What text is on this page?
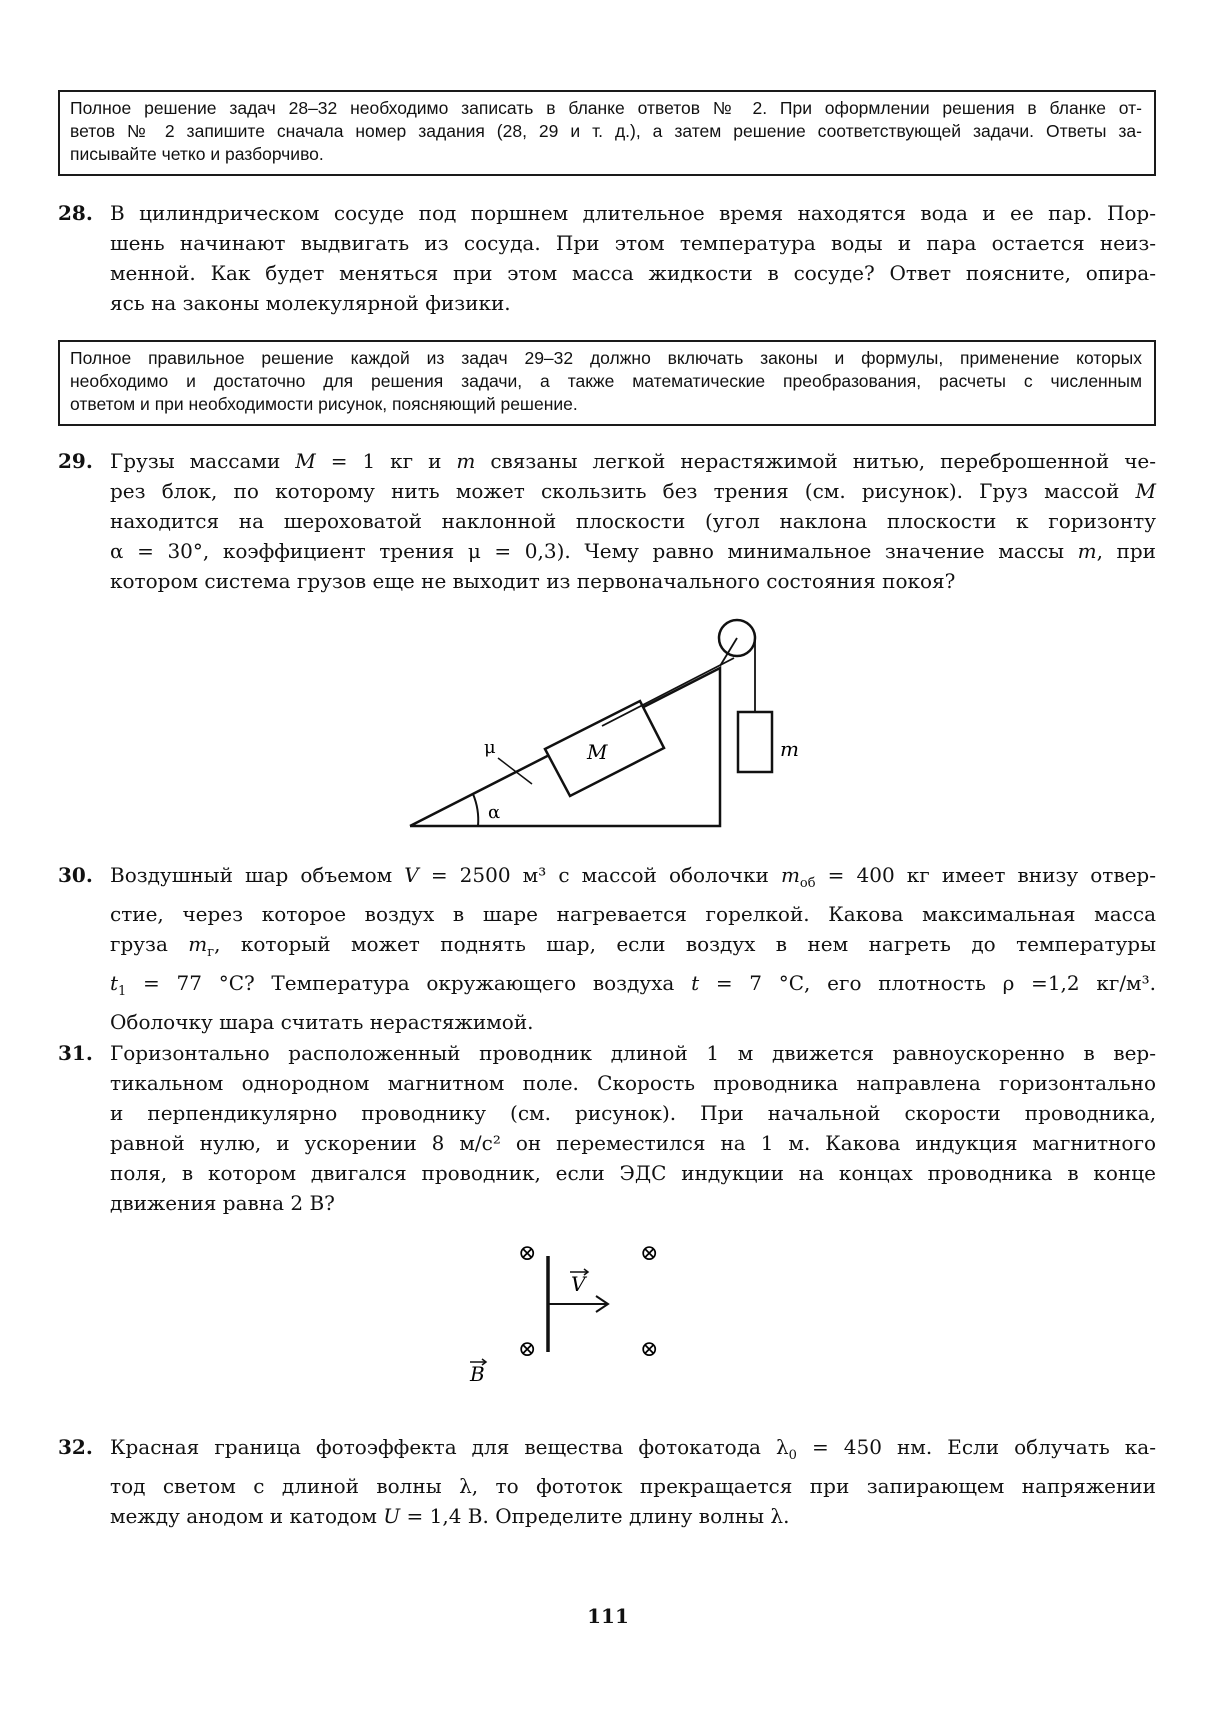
Полное решение задач 28–32 необходимо записать в бланке ответов № 2. При оформлении решения в бланке от-
ветов № 2 запишите сначала номер задания (28, 29 и т. д.), а затем решение соответствующей задачи. Ответы за-
писывайте четко и разборчиво.
28. В цилиндрическом сосуде под поршнем длительное время находятся вода и ее пар. Пор-
шень начинают выдвигать из сосуда. При этом температура воды и пара остается неиз-
менной. Как будет меняться при этом масса жидкости в сосуде? Ответ поясните, опира-
ясь на законы молекулярной физики.
Полное правильное решение каждой из задач 29–32 должно включать законы и формулы, применение которых
необходимо и достаточно для решения задачи, а также математические преобразования, расчеты с численным
ответом и при необходимости рисунок, поясняющий решение.
29. Грузы массами M = 1 кг и m связаны легкой нерастяжимой нитью, переброшенной че-
рез блок, по которому нить может скользить без трения (см. рисунок). Груз массой M
находится на шероховатой наклонной плоскости (угол наклона плоскости к горизонту
α = 30°, коэффициент трения μ = 0,3). Чему равно минимальное значение массы m, при
котором система грузов еще не выходит из первоначального состояния покоя?
M	m
μ
α
30. Воздушный шар объемом V = 2500 м³ с массой оболочки $m_{об} = 400$ кг имеет внизу отвер-
стие, через которое воздух в шаре нагревается горелкой. Какова максимальная масса
груза $m_г$, который может поднять шар, если воздух в нем нагреть до температуры
$t_1 = 77$ °С? Температура окружающего воздуха t = 7 °С, его плотность ρ =1,2 кг/м³.
Оболочку шара считать нерастяжимой.
31. Горизонтально расположенный проводник длиной 1 м движется равноускоренно в вер-
тикальном однородном магнитном поле. Скорость проводника направлена горизонтально
и перпендикулярно проводнику (см. рисунок). При начальной скорости проводника,
равной нулю, и ускорении 8 м/с² он переместился на 1 м. Какова индукция магнитного
поля, в котором двигался проводник, если ЭДС индукции на концах проводника в конце
движения равна 2 В?
⊗	⊗
⊗	⊗
V
B
32. Красная граница фотоэффекта для вещества фотокатода $\lambda_0 = 450$ нм. Если облучать ка-
тод светом с длиной волны λ, то фототок прекращается при запирающем напряжении
между анодом и катодом U = 1,4 В. Определите длину волны λ.
111
